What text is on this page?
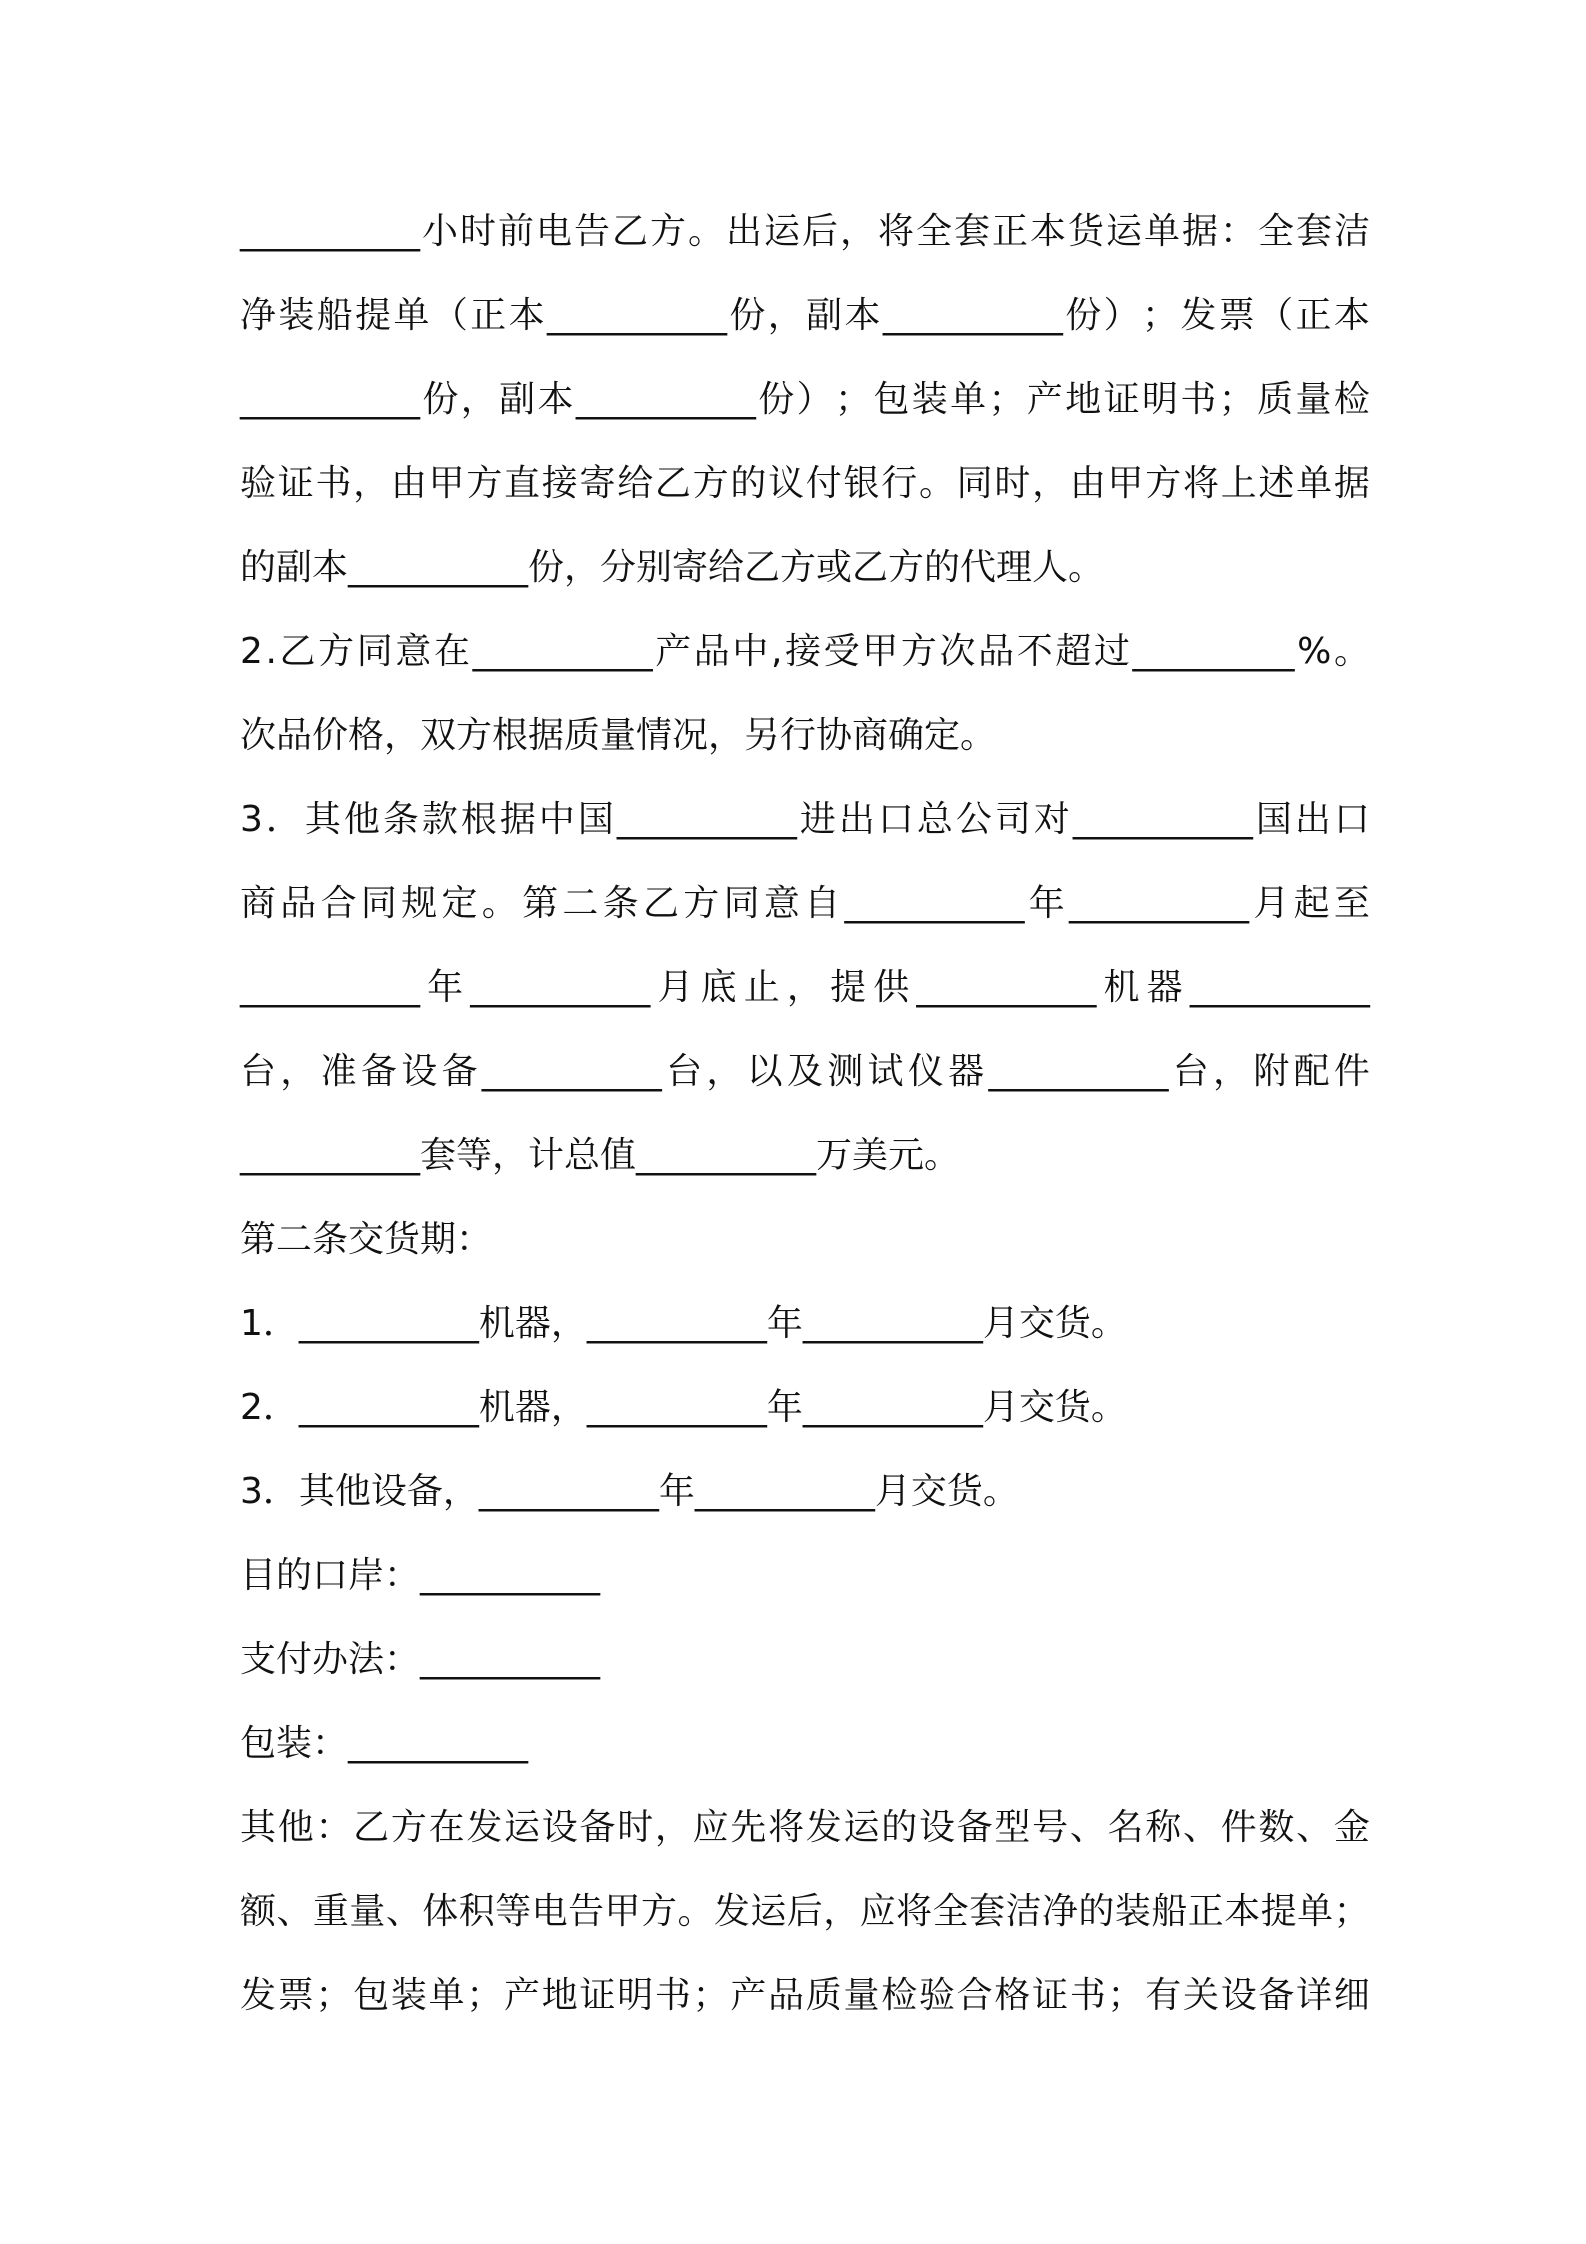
__________ 小 时 前 电 告 乙 方 。 出 运 后 ， 将 全 套 正 本 货 运 单 据 ： 全 套 洁
净 装 船 提 单 （ 正 本 __________ 份 ， 副 本 __________ 份 ） ； 发 票 （ 正 本
__________ 份 ， 副 本 __________ 份 ） ； 包 装 单 ； 产 地 证 明 书 ； 质 量 检
验 证 书 ， 由 甲 方 直 接 寄 给 乙 方 的 议 付 银 行 。 同 时 ， 由 甲 方 将 上 述 单 据
的副本__________份，分别寄给乙方或乙方的代理人。
2 . 乙 方 同 意 在 __________ 产 品 中 , 接 受 甲 方 次 品 不 超 过 _________ % 。
次品价格，双方根据质量情况，另行协商确定。
3 ． 其 他 条 款 根 据 中 国 __________ 进 出 口 总 公 司 对 __________ 国 出 口
商 品 合 同 规 定 。 第 二 条 乙 方 同 意 自 __________ 年 __________ 月 起 至
__________ 年 __________ 月 底 止 ， 提 供 __________ 机 器 __________
台 ， 准 备 设 备 __________ 台 ， 以 及 测 试 仪 器 __________ 台 ， 附 配 件
__________套等，计总值__________万美元。
第二条交货期：
1．__________机器，__________年__________月交货。
2．__________机器，__________年__________月交货。
3．其他设备，__________年__________月交货。
目的口岸：__________
支付办法：__________
包装：__________
其 他 ： 乙 方 在 发 运 设 备 时 ， 应 先 将 发 运 的 设 备 型 号 、 名 称 、 件 数 、 金
额 、 重 量 、 体 积 等 电 告 甲 方 。 发 运 后 ， 应 将 全 套 洁 净 的 装 船 正 本 提 单 ；
发 票 ； 包 装 单 ； 产 地 证 明 书 ； 产 品 质 量 检 验 合 格 证 书 ； 有 关 设 备 详 细
